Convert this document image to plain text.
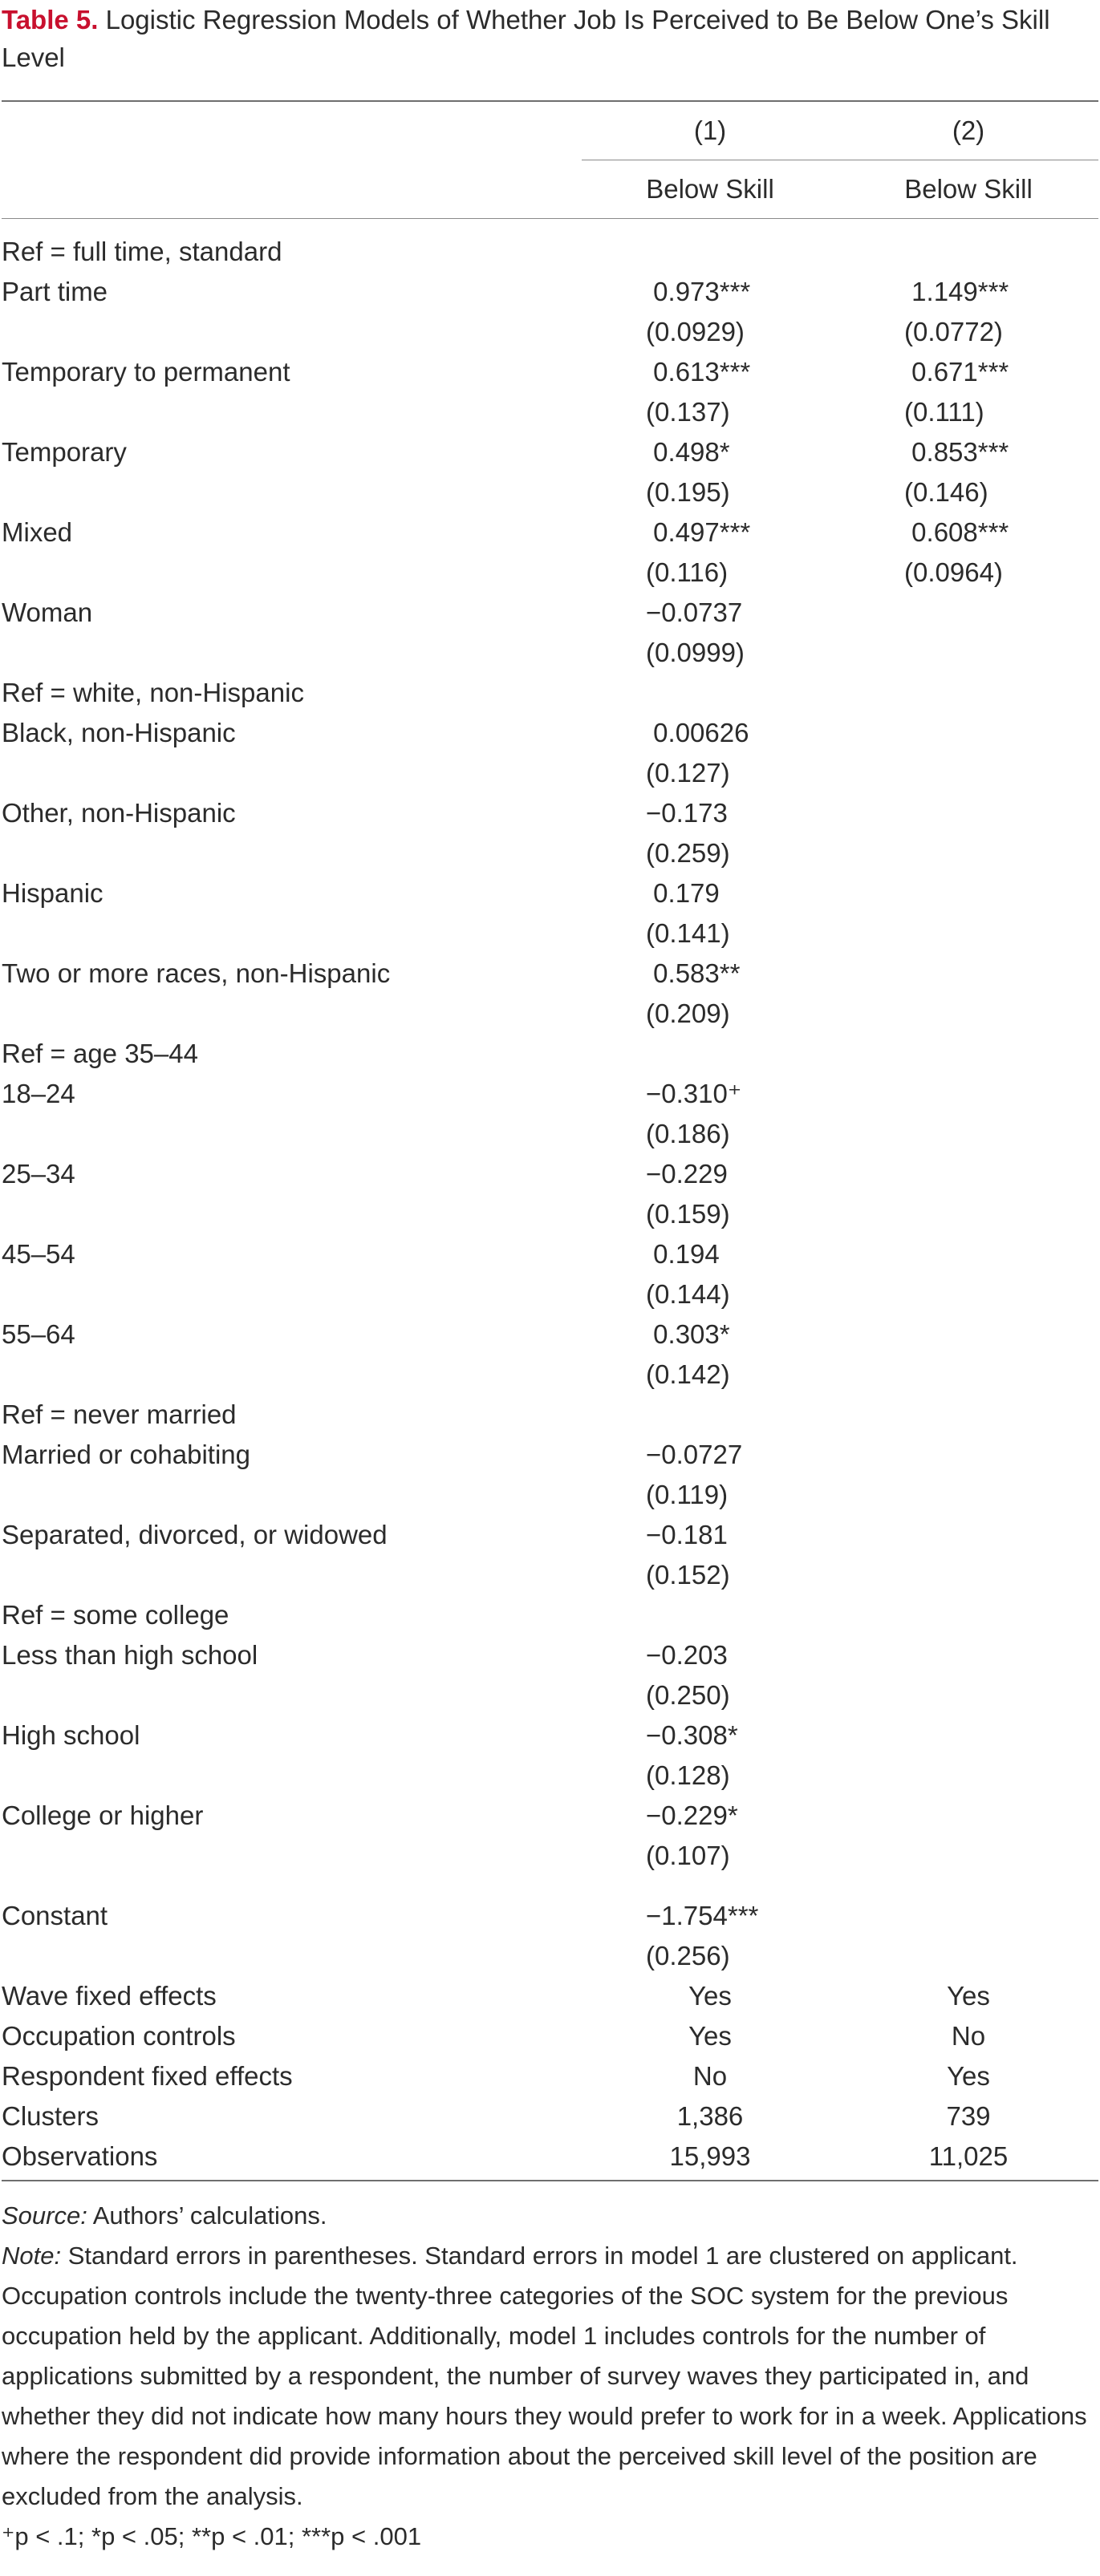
Table 5. Logistic Regression Models of Whether Job Is Perceived to Be Below One’s Skill Level
	(1)	(2)

	Below Skill	Below Skill

Ref = full time, standard		
Part time	0.973***	1.149***
	(0.0929)	(0.0772)
Temporary to permanent	0.613***	0.671***
	(0.137)	(0.111)
Temporary	0.498*	0.853***
	(0.195)	(0.146)
Mixed	0.497***	0.608***
	(0.116)	(0.0964)
Woman	−0.0737	
	(0.0999)	
Ref = white, non-Hispanic		
Black, non-Hispanic	0.00626	
	(0.127)	
Other, non-Hispanic	−0.173	
	(0.259)	
Hispanic	0.179	
	(0.141)	
Two or more races, non-Hispanic	0.583**	
	(0.209)	
Ref = age 35–44		
18–24	−0.310⁺	
	(0.186)	
25–34	−0.229	
	(0.159)	
45–54	0.194	
	(0.144)	
55–64	0.303*	
	(0.142)	
Ref = never married		
Married or cohabiting	−0.0727	
	(0.119)	
Separated, divorced, or widowed	−0.181	
	(0.152)	
Ref = some college		
Less than high school	−0.203	
	(0.250)	
High school	−0.308*	
	(0.128)	
College or higher	−0.229*	
	(0.107)	

Constant	−1.754***	
	(0.256)	
Wave fixed effects	Yes	Yes
Occupation controls	Yes	No
Respondent fixed effects	No	Yes
Clusters	1,386	739
Observations	15,993	11,025

Source: Authors’ calculations.

Note: Standard errors in parentheses. Standard errors in model 1 are clustered on applicant. Occupation controls include the twenty-three categories of the SOC system for the previous occupation held by the applicant. Additionally, model 1 includes controls for the number of applications submitted by a respondent, the number of survey waves they participated in, and whether they did not indicate how many hours they would prefer to work for in a week. Applications where the respondent did provide information about the perceived skill level of the position are excluded from the analysis.

⁺p < .1; *p < .05; **p < .01; ***p < .001
